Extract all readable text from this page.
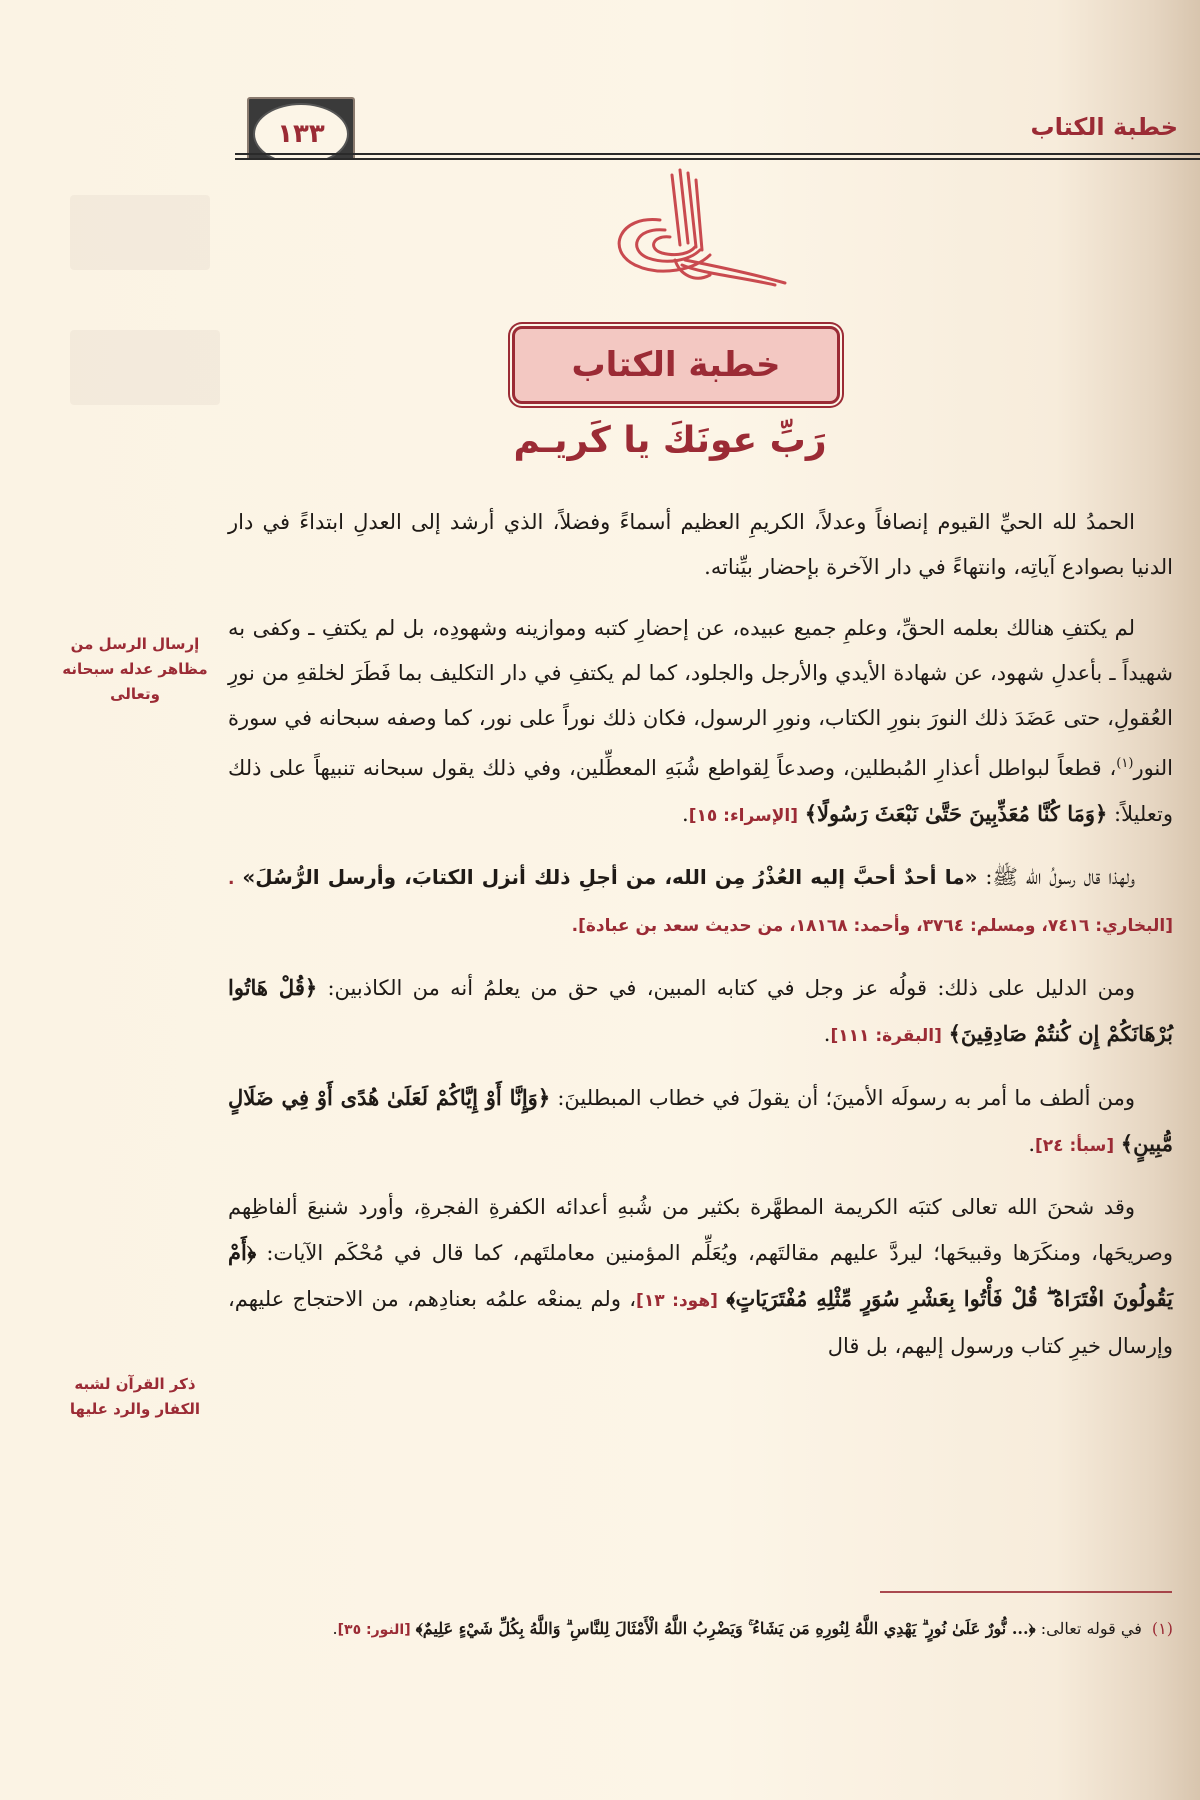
١٣٣	خطبة الكتاب
خطبة الكتاب
رَبِّ عونَكَ يا كَريـم
إرسال الرسل من مظاهر عدله سبحانه وتعالى
ذكر القرآن لشبه الكفار والرد عليها

الحمدُ لله الحيِّ القيوم إنصافاً وعدلاً، الكريمِ العظيم أسماءً وفضلاً، الذي أرشد إلى العدلِ ابتداءً في دار الدنيا بصوادع آياتِه، وانتهاءً في دار الآخرة بإحضار بيِّناته.

لم يكتفِ هنالك بعلمه الحقِّ، وعلمِ جميع عبيده، عن إحضارِ كتبه وموازينه وشهودِه، بل لم يكتفِ ـ وكفى به شهيداً ـ بأعدلِ شهود، عن شهادة الأيدي والأرجل والجلود، كما لم يكتفِ في دار التكليف بما فَطَرَ لخلقهِ من نورِ العُقولِ، حتى عَضَدَ ذلك النورَ بنورِ الكتاب، ونورِ الرسول، فكان ذلك نوراً على نور، كما وصفه سبحانه في سورة النور$^{(١)}$، قطعاً لبواطل أعذارِ المُبطلين، وصدعاً لِقواطع شُبَهِ المعطِّلين، وفي ذلك يقول سبحانه تنبيهاً على ذلك وتعليلاً: ﴿وَمَا كُنَّا مُعَذِّبِينَ حَتَّىٰ نَبْعَثَ رَسُولًا﴾ [الإسراء: ١٥].

ولهذا قال رسولُ الله ﷺ: «ما أحدٌ أحبَّ إليه العُذْرُ مِن الله، من أجلِ ذلك أنزل الكتابَ، وأرسل الرُّسُلَ» .[البخاري: ٧٤١٦، ومسلم: ٣٧٦٤، وأحمد: ١٨١٦٨، من حديث سعد بن عبادة].

ومن الدليل على ذلك: قولُه عز وجل في كتابه المبين، في حق من يعلمُ أنه من الكاذبين: ﴿قُلْ هَاتُوا بُرْهَانَكُمْ إِن كُنتُمْ صَادِقِينَ﴾ [البقرة: ١١١].

ومن ألطف ما أمر به رسولَه الأمينَ؛ أن يقولَ في خطاب المبطلينَ: ﴿وَإِنَّا أَوْ إِيَّاكُمْ لَعَلَىٰ هُدًى أَوْ فِي ضَلَالٍ مُّبِينٍ﴾ [سبأ: ٢٤].

وقد شحنَ الله تعالى كتبَه الكريمة المطهَّرة بكثير من شُبهِ أعدائه الكفرةِ الفجرةِ، وأورد شنيعَ ألفاظِهم وصريحَها، ومنكَرَها وقبيحَها؛ ليردَّ عليهم مقالتَهم، ويُعَلِّم المؤمنين معاملتَهم، كما قال في مُحْكَم الآيات: ﴿أَمْ يَقُولُونَ افْتَرَاهُ ۖ قُلْ فَأْتُوا بِعَشْرِ سُوَرٍ مِّثْلِهِ مُفْتَرَيَاتٍ﴾ [هود: ١٣]، ولم يمنعْه علمُه بعنادِهم، من الاحتجاج عليهم، وإرسال خيرِ كتاب ورسول إليهم، بل قال

(١)في قوله تعالى: ﴿... نُّورٌ عَلَىٰ نُورٍ ۗ يَهْدِي اللَّهُ لِنُورِهِ مَن يَشَاءُ ۚ وَيَضْرِبُ اللَّهُ الْأَمْثَالَ لِلنَّاسِ ۗ وَاللَّهُ بِكُلِّ شَيْءٍ عَلِيمٌ﴾ [النور: ٣٥].
